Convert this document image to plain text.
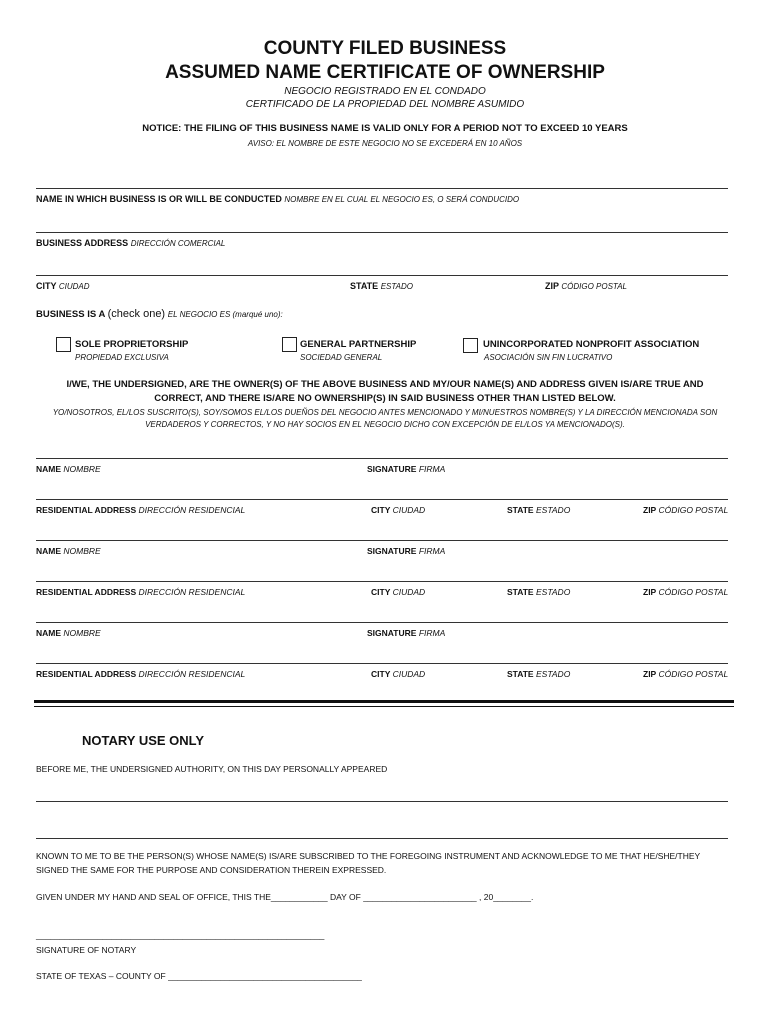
COUNTY FILED BUSINESS
ASSUMED NAME CERTIFICATE OF OWNERSHIP
NEGOCIO REGISTRADO EN EL CONDADO
CERTIFICADO DE LA PROPIEDAD DEL NOMBRE ASUMIDO
NOTICE: THE FILING OF THIS BUSINESS NAME IS VALID ONLY FOR A PERIOD NOT TO EXCEED 10 YEARS
AVISO: EL NOMBRE DE ESTE NEGOCIO NO SE EXCEDERÁ EN 10 AÑOS
NAME IN WHICH BUSINESS IS OR WILL BE CONDUCTED NOMBRE EN EL CUAL EL NEGOCIO ES, O SERÁ CONDUCIDO
BUSINESS ADDRESS DIRECCIÓN COMERCIAL
CITY CIUDAD	STATE ESTADO	ZIP CÓDIGO POSTAL
BUSINESS IS A (check one) EL NEGOCIO ES (marqué uno):
SOLE PROPRIETORSHIP
PROPIEDAD EXCLUSIVA
GENERAL PARTNERSHIP
SOCIEDAD GENERAL
UNINCORPORATED NONPROFIT ASSOCIATION
ASOCIACIÓN SIN FIN LUCRATIVO
I/WE, THE UNDERSIGNED, ARE THE OWNER(S) OF THE ABOVE BUSINESS AND MY/OUR NAME(S) AND ADDRESS GIVEN IS/ARE TRUE AND
CORRECT, AND THERE IS/ARE NO OWNERSHIP(S) IN SAID BUSINESS OTHER THAN LISTED BELOW.
YO/NOSOTROS, EL/LOS SUSCRITO(S), SOY/SOMOS EL/LOS DUEÑOS DEL NEGOCIO ANTES MENCIONADO Y MI/NUESTROS NOMBRE(S) Y LA DIRECCIÓN MENCIONADA SON
VERDADEROS Y CORRECTOS, Y NO HAY SOCIOS EN EL NEGOCIO DICHO CON EXCEPCIÓN DE EL/LOS YA MENCIONADO(S).
NAME NOMBRE	SIGNATURE FIRMA
RESIDENTIAL ADDRESS DIRECCIÓN RESIDENCIAL	CITY CIUDAD	STATE ESTADO	ZIP CÓDIGO POSTAL
NAME NOMBRE	SIGNATURE FIRMA
RESIDENTIAL ADDRESS DIRECCIÓN RESIDENCIAL	CITY CIUDAD	STATE ESTADO	ZIP CÓDIGO POSTAL
NAME NOMBRE	SIGNATURE FIRMA
RESIDENTIAL ADDRESS DIRECCIÓN RESIDENCIAL	CITY CIUDAD	STATE ESTADO	ZIP CÓDIGO POSTAL
NOTARY USE ONLY
BEFORE ME, THE UNDERSIGNED AUTHORITY, ON THIS DAY PERSONALLY APPEARED
KNOWN TO ME TO BE THE PERSON(S) WHOSE NAME(S) IS/ARE SUBSCRIBED TO THE FOREGOING INSTRUMENT AND ACKNOWLEDGE TO ME THAT HE/SHE/THEY
SIGNED THE SAME FOR THE PURPOSE AND CONSIDERATION THEREIN EXPRESSED.
GIVEN UNDER MY HAND AND SEAL OF OFFICE, THIS THE____________ DAY OF ________________________ , 20________.
_____________________________________________________________
SIGNATURE OF NOTARY
STATE OF TEXAS – COUNTY OF _________________________________________
